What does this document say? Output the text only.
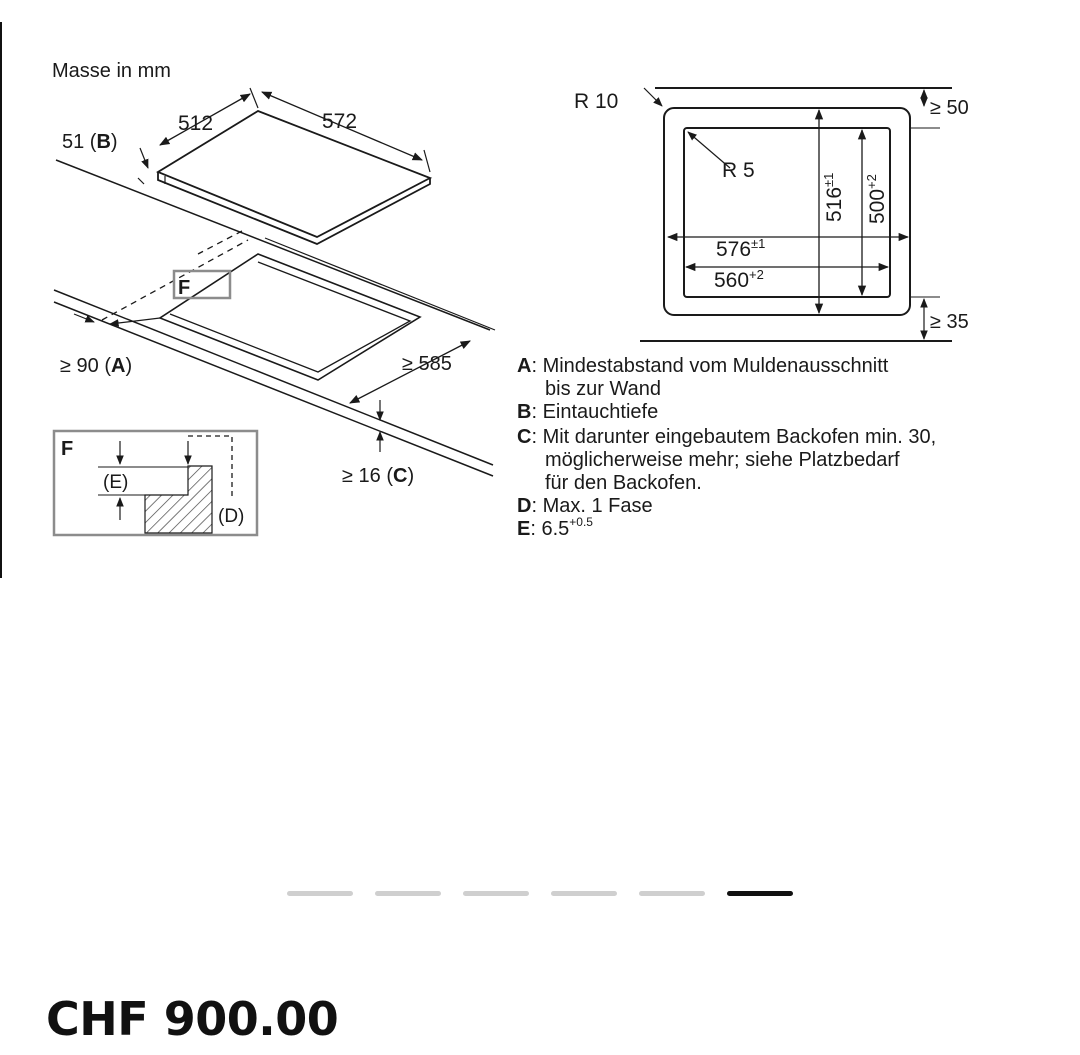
Masse in mm
512	572
51 (B)
F
≥ 90 (A)	≥ 585
≥ 16 (C)
F
(E)
(D)
R 10
R 5
≥ 50
≥ 35
$576^{\pm 1}$
$560^{+2}$
$516^{\pm 1}$
$500^{+2}$
A: Mindestabstand vom Muldenausschnitt
bis zur Wand
B: Eintauchtiefe
C: Mit darunter eingebautem Backofen min. 30,
möglicherweise mehr; siehe Platzbedarf
für den Backofen.
D: Max. 1 Fase
E: $6.5^{+0.5}$
CHF 900.00
